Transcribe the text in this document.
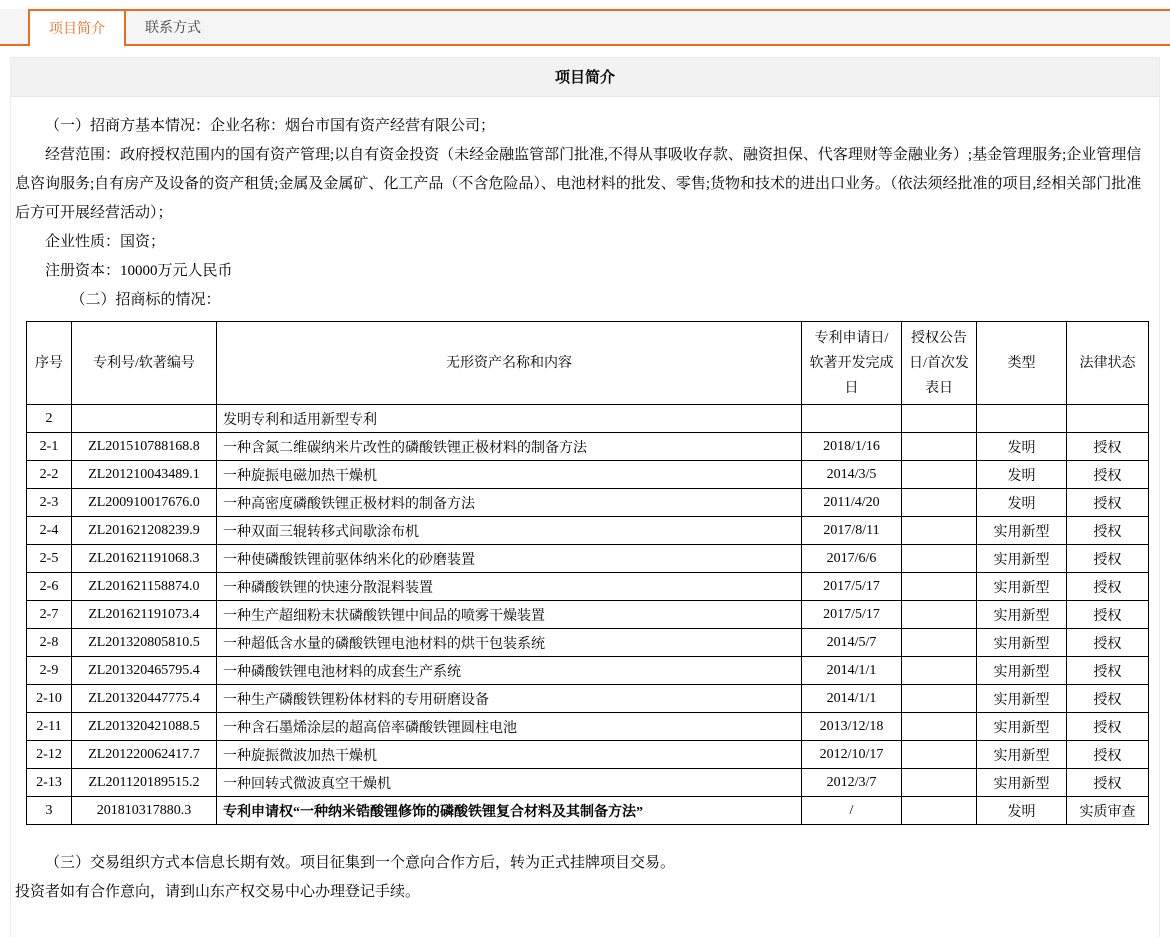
项目简介	联系方式
项目简介

（一）招商方基本情况：企业名称：烟台市国有资产经营有限公司；

经营范围：政府授权范围内的国有资产管理;以自有资金投资（未经金融监管部门批准,不得从事吸收存款、融资担保、代客理财等金融业务）;基金管理服务;企业管理信息咨询服务;自有房产及设备的资产租赁;金属及金属矿、化工产品（不含危险品）、电池材料的批发、零售;货物和技术的进出口业务。（依法须经批准的项目,经相关部门批准后方可开展经营活动）；

企业性质：国资；

注册资本：10000万元人民币

（二）招商标的情况：

序号	专利号/软著编号	无形资产名称和内容	专利申请日/软著开发完成日	授权公告日/首次发表日	类型	法律状态
2		发明专利和适用新型专利				
2-1	ZL201510788168.8	一种含氮二维碳纳米片改性的磷酸铁锂正极材料的制备方法	2018/1/16		发明	授权
2-2	ZL201210043489.1	一种旋振电磁加热干燥机	2014/3/5		发明	授权
2-3	ZL200910017676.0	一种高密度磷酸铁锂正极材料的制备方法	2011/4/20		发明	授权
2-4	ZL201621208239.9	一种双面三辊转移式间歇涂布机	2017/8/11		实用新型	授权
2-5	ZL201621191068.3	一种使磷酸铁锂前驱体纳米化的砂磨装置	2017/6/6		实用新型	授权
2-6	ZL201621158874.0	一种磷酸铁锂的快速分散混料装置	2017/5/17		实用新型	授权
2-7	ZL201621191073.4	一种生产超细粉末状磷酸铁锂中间品的喷雾干燥装置	2017/5/17		实用新型	授权
2-8	ZL201320805810.5	一种超低含水量的磷酸铁锂电池材料的烘干包装系统	2014/5/7		实用新型	授权
2-9	ZL201320465795.4	一种磷酸铁锂电池材料的成套生产系统	2014/1/1		实用新型	授权
2-10	ZL201320447775.4	一种生产磷酸铁锂粉体材料的专用研磨设备	2014/1/1		实用新型	授权
2-11	ZL201320421088.5	一种含石墨烯涂层的超高倍率磷酸铁锂圆柱电池	2013/12/18		实用新型	授权
2-12	ZL201220062417.7	一种旋振微波加热干燥机	2012/10/17		实用新型	授权
2-13	ZL201120189515.2	一种回转式微波真空干燥机	2012/3/7		实用新型	授权
3	201810317880.3	专利申请权“一种纳米锆酸锂修饰的磷酸铁锂复合材料及其制备方法”	/		发明	实质审查

（三）交易组织方式本信息长期有效。项目征集到一个意向合作方后，转为正式挂牌项目交易。

投资者如有合作意向，请到山东产权交易中心办理登记手续。
